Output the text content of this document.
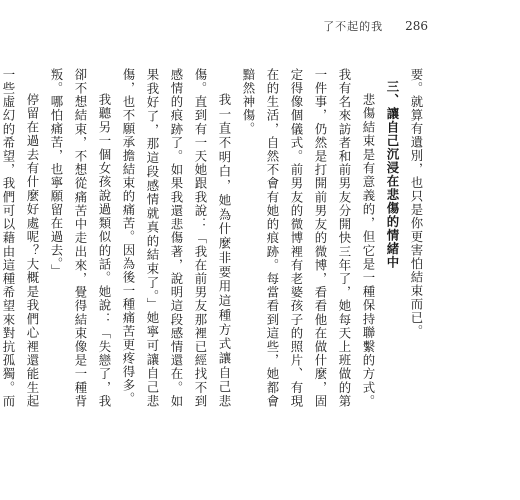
了不起的我 286

要。就算有遺別，也只是你更害怕結束而已。

三、讓自己沉浸在悲傷的情緒中

悲傷結束是有意義的，但它是一種保持聯繫的方式。我有名來訪者和前男友分開快三年了，她每天上班做的第一件事，仍然是打開前男友的微博，看看他在做什麼，固定得像個儀式。前男友的微博裡有老婆孩子的照片、有現在的生活，自然不會有她的痕跡。每當看到這些，她都會黯然神傷。

我一直不明白，她為什麼非要用這種方式讓自己悲傷。直到有一天她跟我說：「我在前男友那裡已經找不到感情的痕跡了。如果我還悲傷著，說明這段感情還在。如果我好了，那這段感情就真的結束了。」她寧可讓自己悲傷，也不願承擔結束的痛苦。因為後一種痛苦更疼得多。

我聽另一個女孩說過類似的話。她說：「失戀了，我卻不想結束，不想從痛苦中走出來，覺得結束像是一種背叛。哪怕痛苦，也寧願留在過去。」

停留在過去有什麼好處呢？大概是我們心裡還能生起一些虛幻的希望，我們可以藉由這種希望來對抗孤獨。而
